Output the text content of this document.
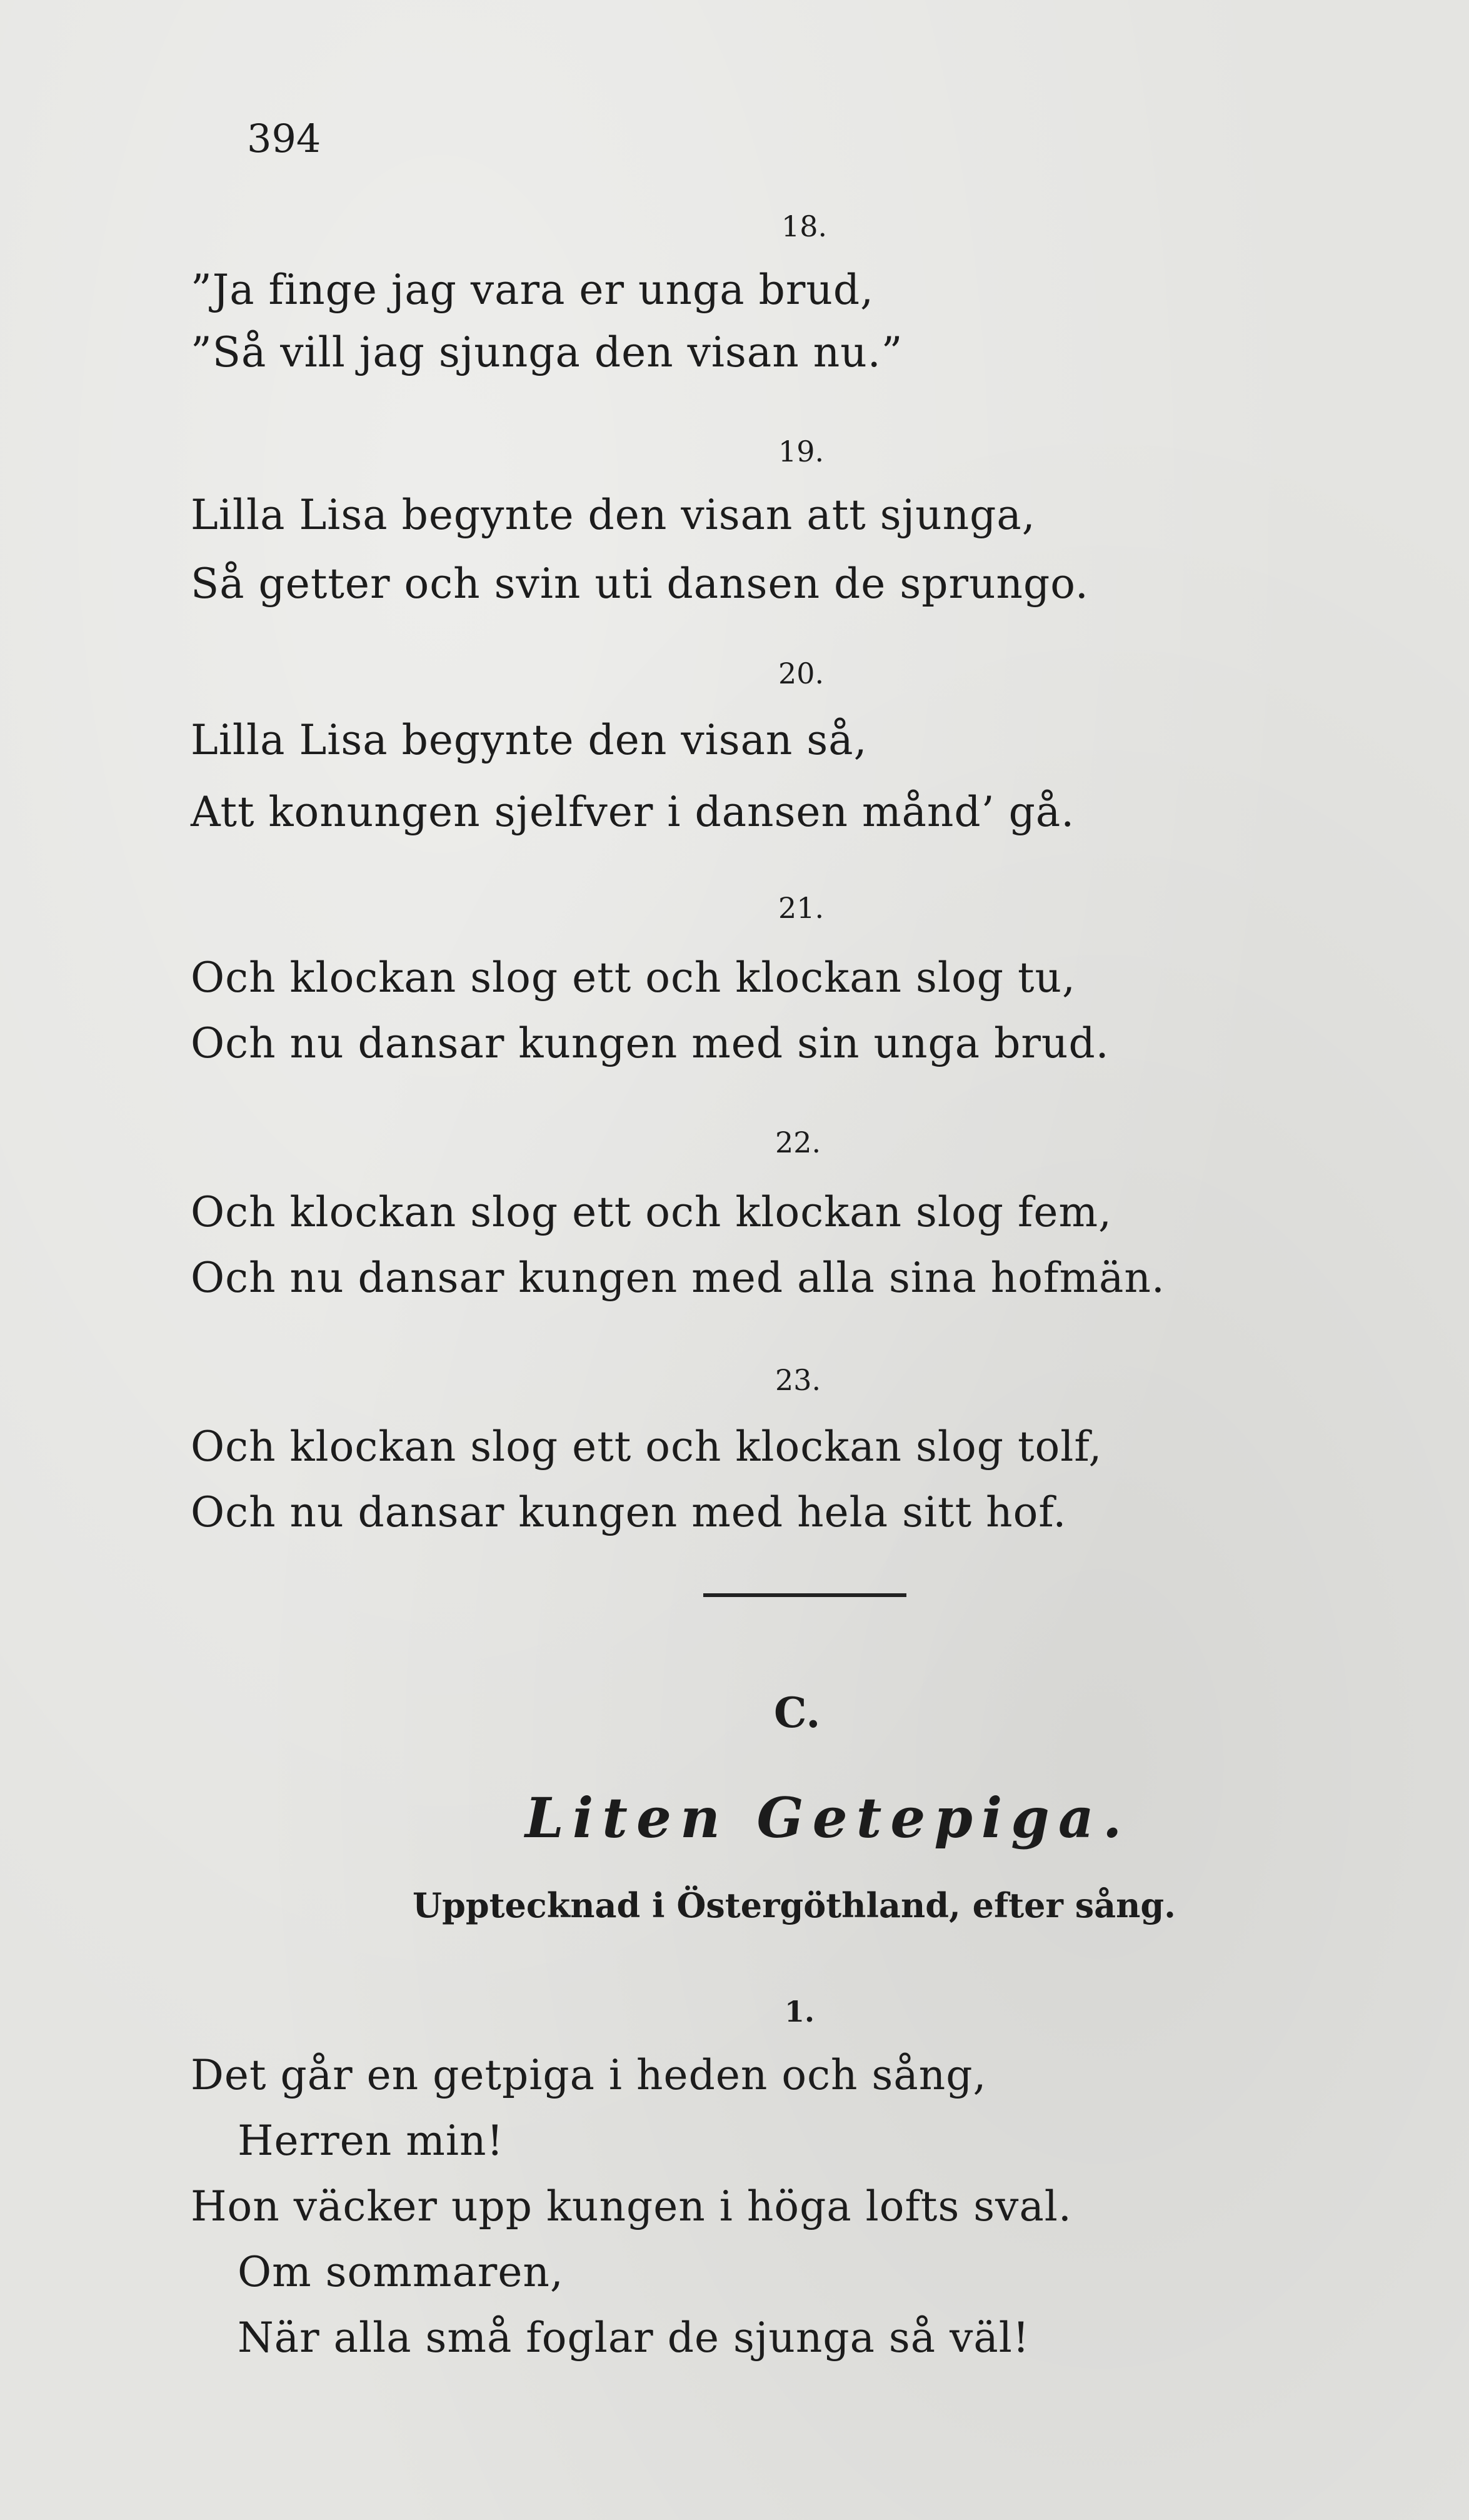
394
18.
”Ja finge jag vara er unga brud,
”Så vill jag sjunga den visan nu.”
19.
Lilla Lisa begynte den visan att sjunga,
Så getter och svin uti dansen de sprungo.
20.
Lilla Lisa begynte den visan så,
Att konungen sjelfver i dansen månd’ gå.
21.
Och klockan slog ett och klockan slog tu,
Och nu dansar kungen med sin unga brud.
22.
Och klockan slog ett och klockan slog fem,
Och nu dansar kungen med alla sina hofmän.
23.
Och klockan slog ett och klockan slog tolf,
Och nu dansar kungen med hela sitt hof.
C.
Liten Getepiga.
Upptecknad i Östergöthland, efter sång.
1.
Det går en getpiga i heden och sång,
Herren min!
Hon väcker upp kungen i höga lofts sval.
Om sommaren,
När alla små foglar de sjunga så väl!
